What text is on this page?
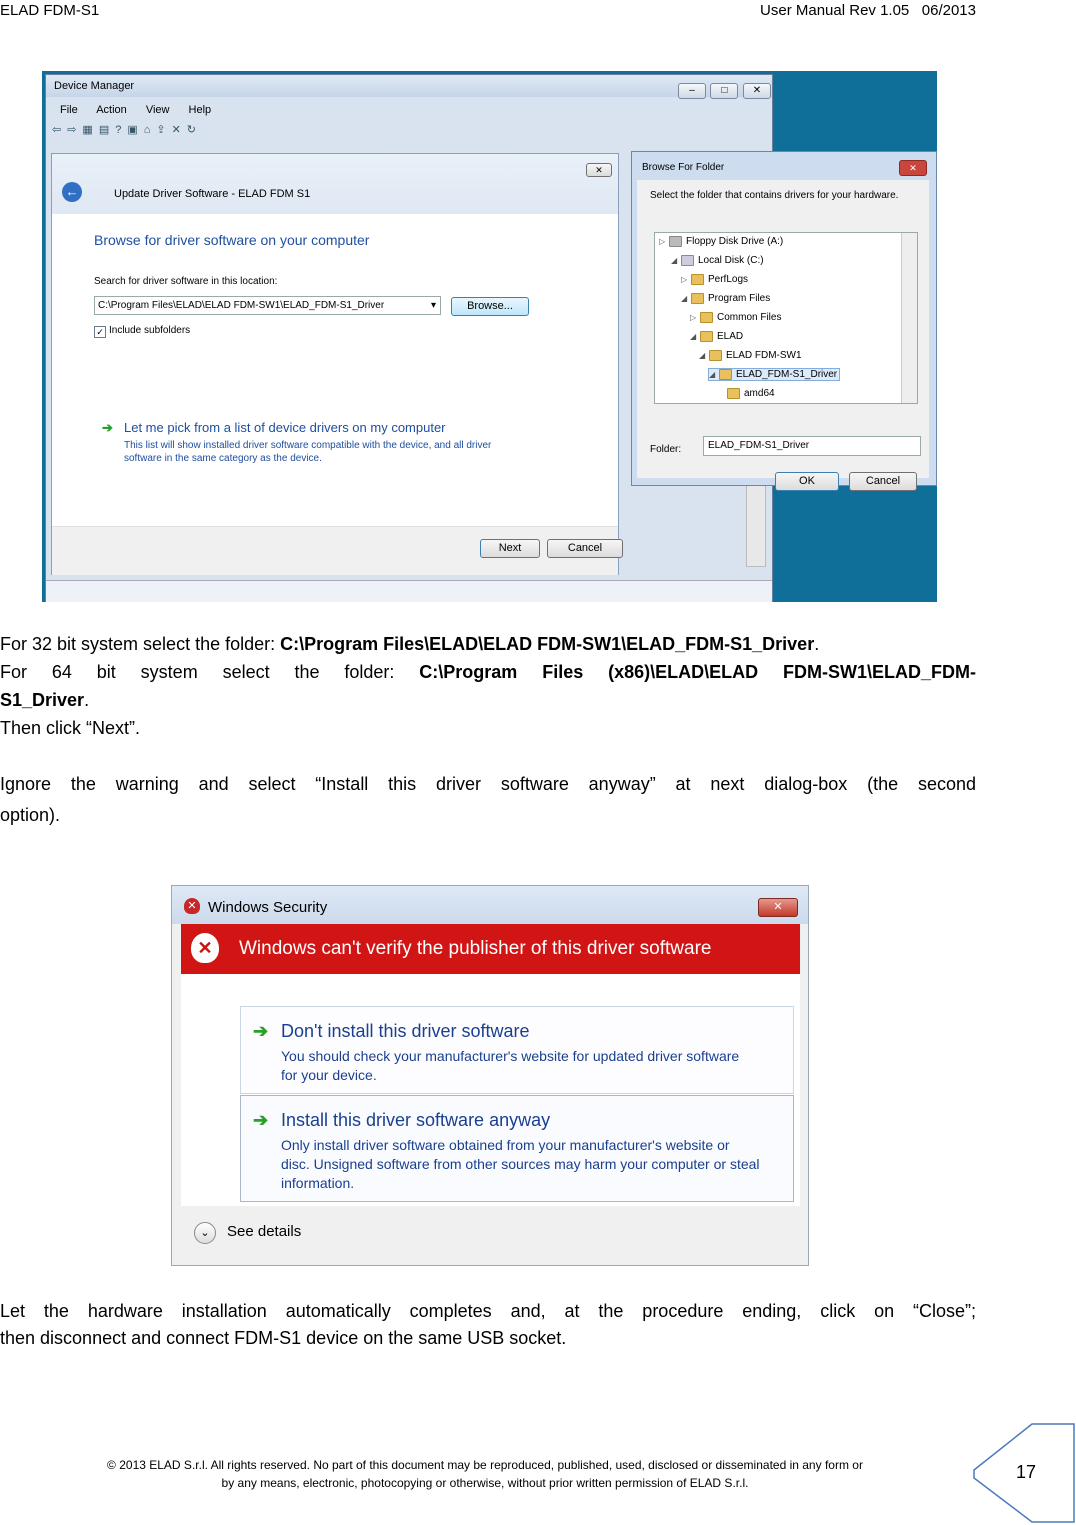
ELAD FDM-S1	User Manual Rev 1.05   06/2013
Device Manager	‒	□	✕
File Action View Help
⇦⇨▦▤?▣⌂⇪✕↻
✕
←	Update Driver Software - ELAD FDM S1
Browse for driver software on your computer
Search for driver software in this location:
C:\Program Files\ELAD\ELAD FDM-SW1\ELAD_FDM-S1_Driver	▾	Browse...
✓ Include subfolders
➔ Let me pick from a list of device drivers on my computer
This list will show installed driver software compatible with the device, and all driver
software in the same category as the device.
Next	Cancel
Browse For Folder	✕
Select the folder that contains drivers for your hardware.
▷ Floppy Disk Drive (A:)
◢ Local Disk (C:)
▷ PerfLogs
◢ Program Files
▷ Common Files
◢ ELAD
◢ ELAD FDM-SW1
◢ ELAD_FDM-S1_Driver
amd64
Folder:	ELAD_FDM-S1_Driver
OK	Cancel
For 32 bit system select the folder: C:\Program Files\ELAD\ELAD FDM-SW1\ELAD_FDM-S1_Driver.
For 64 bit system select the folder: C:\Program Files (x86)\ELAD\ELAD FDM-SW1\ELAD_FDM-
S1_Driver.
Then click “Next”.
Ignore the warning and select “Install this driver software anyway” at next dialog-box (the second
option).
✕ Windows Security	✕
✕	Windows can't verify the publisher of this driver software
➔ Don't install this driver software
You should check your manufacturer's website for updated driver software
for your device.
➔ Install this driver software anyway
Only install driver software obtained from your manufacturer's website or
disc. Unsigned software from other sources may harm your computer or steal
information.
⌄	See details
Let the hardware installation automatically completes and, at the procedure ending, click on “Close”;
then disconnect and connect FDM-S1 device on the same USB socket.
© 2013 ELAD S.r.l. All rights reserved. No part of this document may be reproduced, published, used, disclosed or disseminated in any form or
by any means, electronic, photocopying or otherwise, without prior written permission of ELAD S.r.l.
17
